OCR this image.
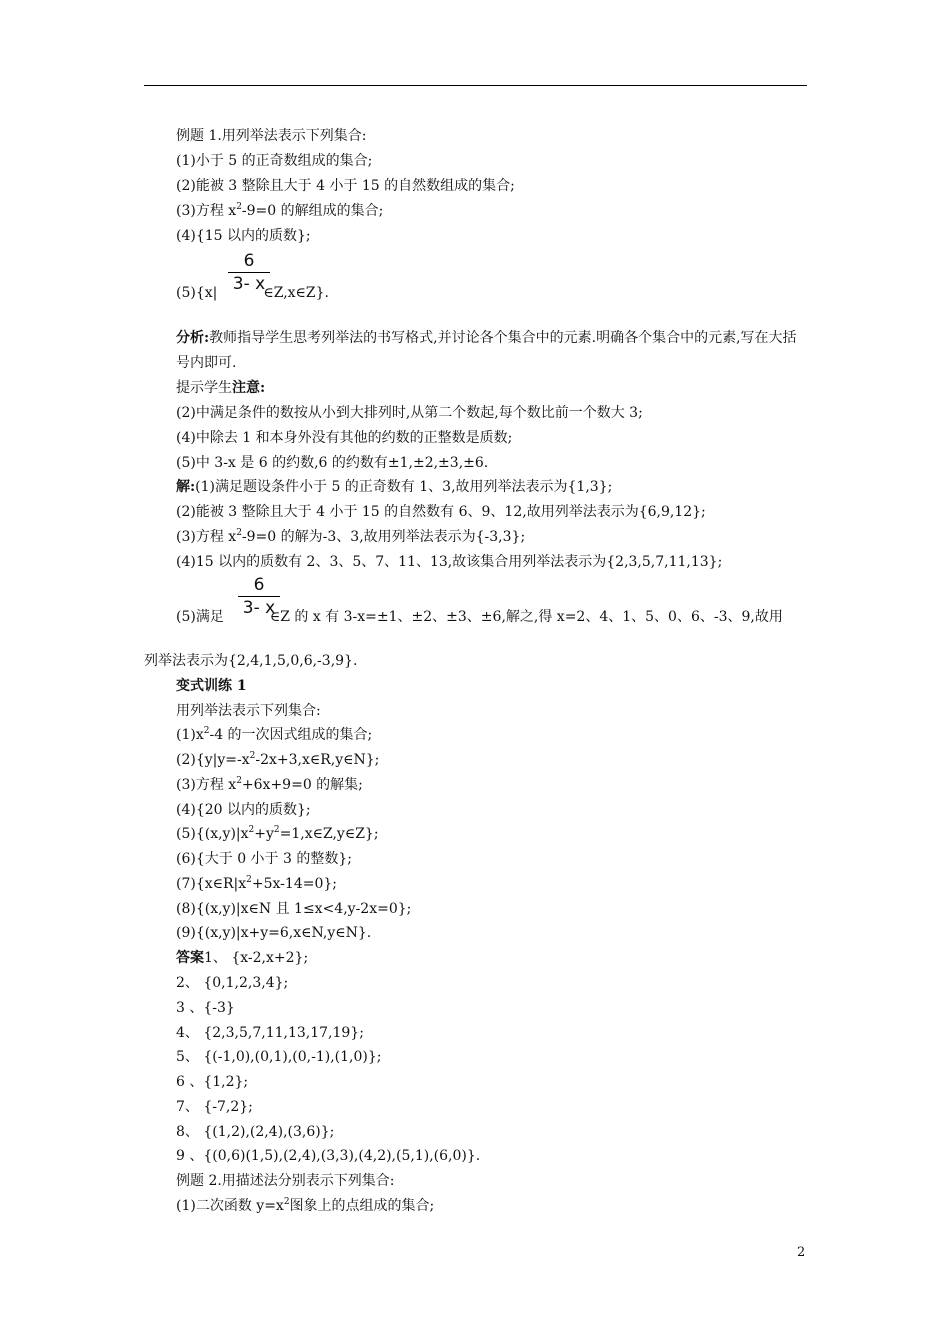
例题 1.用列举法表示下列集合:
(1)小于 5 的正奇数组成的集合;
(2)能被 3 整除且大于 4 小于 15 的自然数组成的集合;
(3)方程 $x^2-9=0$ 的解组成的集合;
(4){15 以内的质数};
6
3- x
(5){x|	∈Z,x∈Z}.
分析:教师指导学生思考列举法的书写格式,并讨论各个集合中的元素.明确各个集合中的元素,写在大括号内即可.
提示学生注意:
(2)中满足条件的数按从小到大排列时,从第二个数起,每个数比前一个数大 3;
(4)中除去 1 和本身外没有其他的约数的正整数是质数;
(5)中 3-x 是 6 的约数,6 的约数有±1,±2,±3,±6.
解:(1)满足题设条件小于 5 的正奇数有 1、3,故用列举法表示为{1,3};
(2)能被 3 整除且大于 4 小于 15 的自然数有 6、9、12,故用列举法表示为{6,9,12};
(3)方程 $x^2-9=0$ 的解为-3、3,故用列举法表示为{-3,3};
(4)15 以内的质数有 2、3、5、7、11、13,故该集合用列举法表示为{2,3,5,7,11,13};
6
3- x
(5)满足	∈Z 的 x 有 3-x=±1、±2、±3、±6,解之,得 x=2、4、1、5、0、6、-3、9,故用
列举法表示为{2,4,1,5,0,6,-3,9}.
变式训练 1
用列举法表示下列集合:
$(1)x^2-4$ 的一次因式组成的集合;
$(2)\{y|y=-x^2-2x+3,x\in R,y\in N\}$;
(3)方程 $x^2+6x+9=0$ 的解集;
(4){20 以内的质数};
$(5)\{(x,y)|x^2+y^2=1,x\in Z,y\in Z\}$;
(6){大于 0 小于 3 的整数};
$(7)\{x\in R|x^2+5x-14=0\}$;
(8){(x,y)|x∈N 且 1≤x<4,y-2x=0};
(9){(x,y)|x+y=6,x∈N,y∈N}.
答案1、 {x-2,x+2};
2、 {0,1,2,3,4};
3 、{-3}
4、 {2,3,5,7,11,13,17,19};
5、 {(-1,0),(0,1),(0,-1),(1,0)};
6 、{1,2};
7、 {-7,2};
8、 {(1,2),(2,4),(3,6)};
9 、{(0,6)(1,5),(2,4),(3,3),(4,2),(5,1),(6,0)}.
例题 2.用描述法分别表示下列集合:
(1)二次函数 $y=x^2$图象上的点组成的集合;
2
